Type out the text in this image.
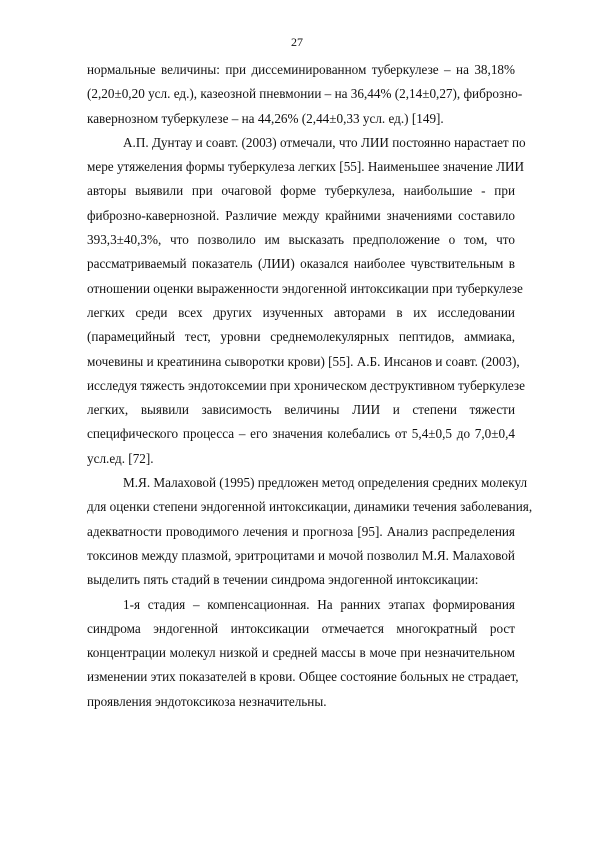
27
нормальные величины: при диссеминированном туберкулезе – на 38,18%
(2,20±0,20 усл. ед.), казеозной пневмонии – на 36,44% (2,14±0,27), фиброзно-
кавернозном туберкулезе – на 44,26% (2,44±0,33 усл. ед.) [149].
А.П. Дунтау и соавт. (2003) отмечали, что ЛИИ постоянно нарастает по
мере утяжеления формы туберкулеза легких [55]. Наименьшее значение ЛИИ
авторы выявили при очаговой форме туберкулеза, наибольшие - при
фиброзно-кавернозной. Различие между крайними значениями составило
393,3±40,3%, что позволило им высказать предположение о том, что
рассматриваемый показатель (ЛИИ) оказался наиболее чувствительным в
отношении оценки выраженности эндогенной интоксикации при туберкулезе
легких среди всех других изученных авторами в их исследовании
(парамецийный тест, уровни среднемолекулярных пептидов, аммиака,
мочевины и креатинина сыворотки крови) [55]. А.Б. Инсанов и соавт. (2003),
исследуя тяжесть эндотоксемии при хроническом деструктивном туберкулезе
легких, выявили зависимость величины ЛИИ и степени тяжести
специфического процесса – его значения колебались от 5,4±0,5 до 7,0±0,4
усл.ед. [72].
М.Я. Малаховой (1995) предложен метод определения средних молекул
для оценки степени эндогенной интоксикации, динамики течения заболевания,
адекватности проводимого лечения и прогноза [95]. Анализ распределения
токсинов между плазмой, эритроцитами и мочой позволил М.Я. Малаховой
выделить пять стадий в течении синдрома эндогенной интоксикации:
1-я стадия – компенсационная. На ранних этапах формирования
синдрома эндогенной интоксикации отмечается многократный рост
концентрации молекул низкой и средней массы в моче при незначительном
изменении этих показателей в крови. Общее состояние больных не страдает,
проявления эндотоксикоза незначительны.
